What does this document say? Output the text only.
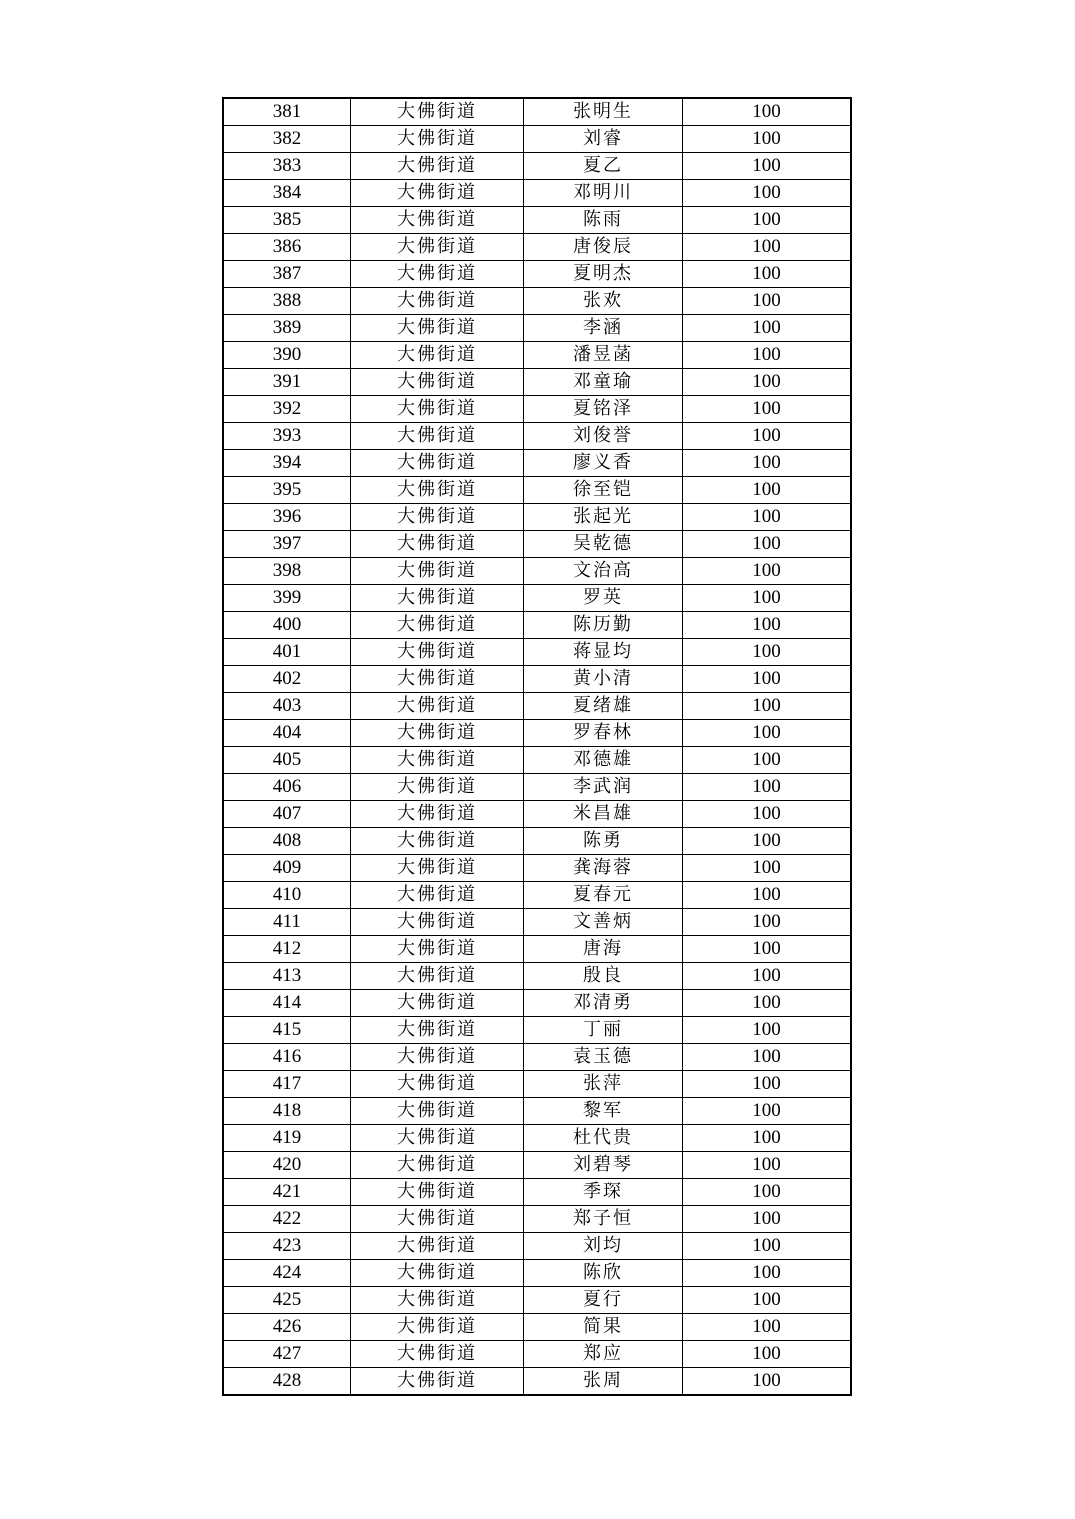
381	大佛街道	张明生	100
382	大佛街道	刘睿	100
383	大佛街道	夏乙	100
384	大佛街道	邓明川	100
385	大佛街道	陈雨	100
386	大佛街道	唐俊辰	100
387	大佛街道	夏明杰	100
388	大佛街道	张欢	100
389	大佛街道	李涵	100
390	大佛街道	潘昱菡	100
391	大佛街道	邓童瑜	100
392	大佛街道	夏铭泽	100
393	大佛街道	刘俊誉	100
394	大佛街道	廖义香	100
395	大佛街道	徐至铠	100
396	大佛街道	张起光	100
397	大佛街道	吴乾德	100
398	大佛街道	文治高	100
399	大佛街道	罗英	100
400	大佛街道	陈历勤	100
401	大佛街道	蒋显均	100
402	大佛街道	黄小清	100
403	大佛街道	夏绪雄	100
404	大佛街道	罗春林	100
405	大佛街道	邓德雄	100
406	大佛街道	李武润	100
407	大佛街道	米昌雄	100
408	大佛街道	陈勇	100
409	大佛街道	龚海蓉	100
410	大佛街道	夏春元	100
411	大佛街道	文善炳	100
412	大佛街道	唐海	100
413	大佛街道	殷良	100
414	大佛街道	邓清勇	100
415	大佛街道	丁丽	100
416	大佛街道	袁玉德	100
417	大佛街道	张萍	100
418	大佛街道	黎军	100
419	大佛街道	杜代贵	100
420	大佛街道	刘碧琴	100
421	大佛街道	季琛	100
422	大佛街道	郑子恒	100
423	大佛街道	刘均	100
424	大佛街道	陈欣	100
425	大佛街道	夏行	100
426	大佛街道	简果	100
427	大佛街道	郑应	100
428	大佛街道	张周	100
